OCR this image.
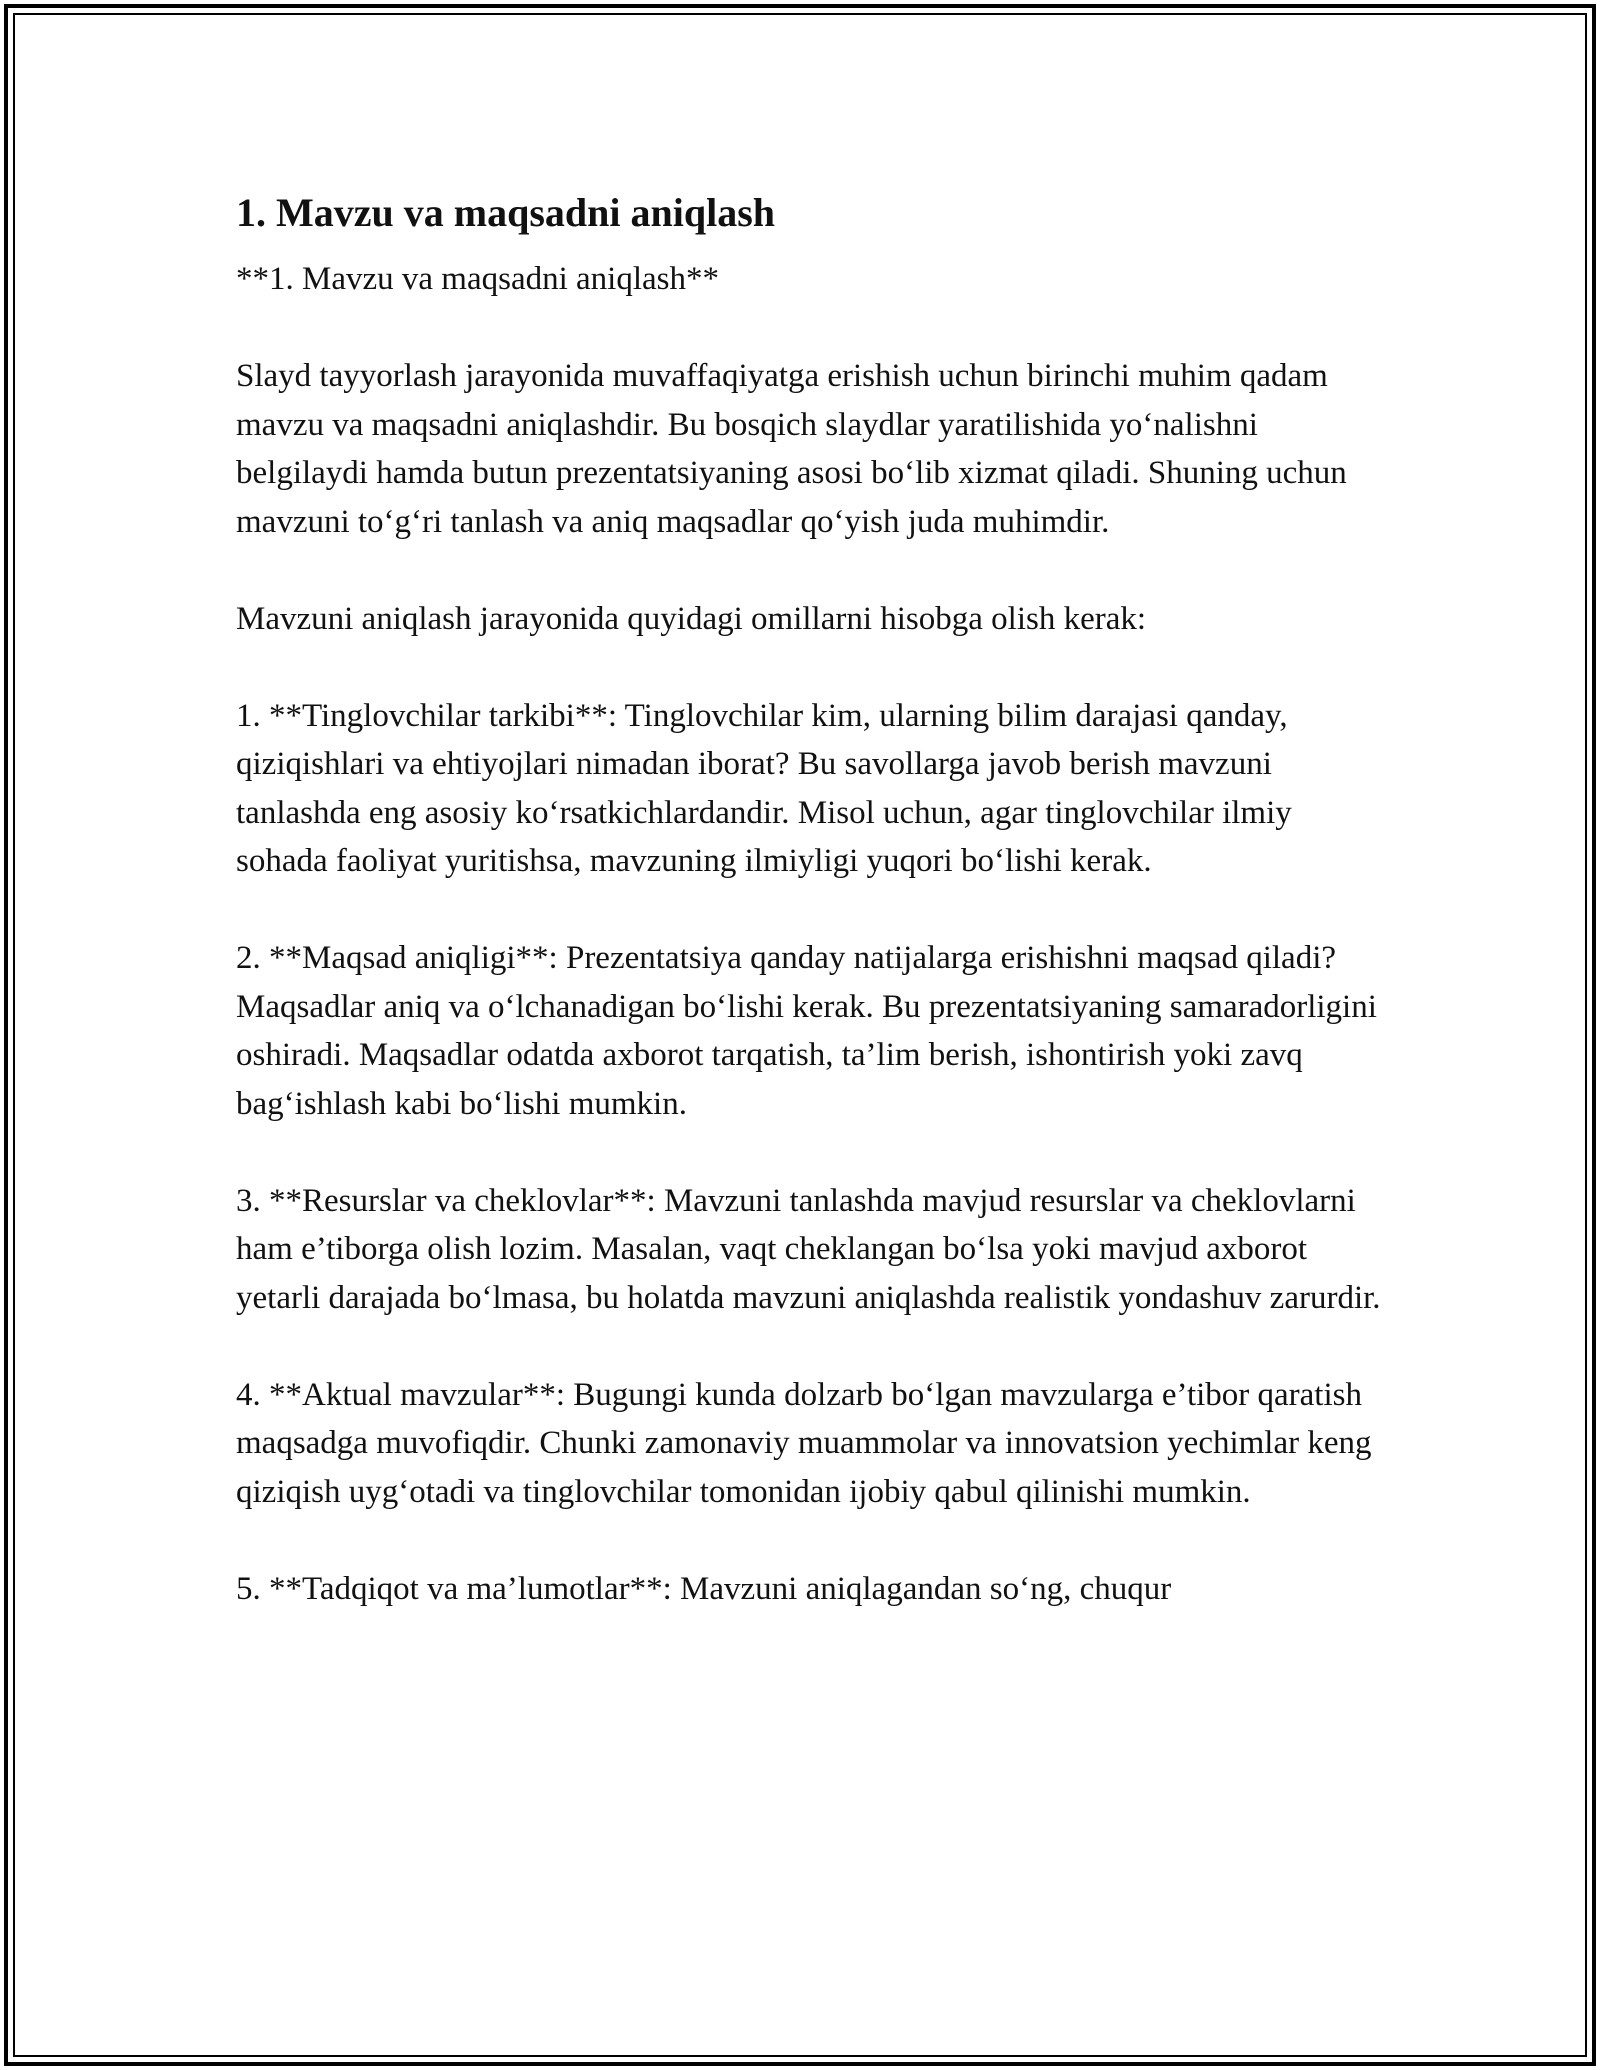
1. Mavzu va maqsadni aniqlash

**1. Mavzu va maqsadni aniqlash**

Slayd tayyorlash jarayonida muvaffaqiyatga erishish uchun birinchi muhim qadam mavzu va maqsadni aniqlashdir. Bu bosqich slaydlar yaratilishida yo‘nalishni belgilaydi hamda butun prezentatsiyaning asosi bo‘lib xizmat qiladi. Shuning uchun mavzuni to‘g‘ri tanlash va aniq maqsadlar qo‘yish juda muhimdir.

Mavzuni aniqlash jarayonida quyidagi omillarni hisobga olish kerak:

1. **Tinglovchilar tarkibi**: Tinglovchilar kim, ularning bilim darajasi qanday, qiziqishlari va ehtiyojlari nimadan iborat? Bu savollarga javob berish mavzuni tanlashda eng asosiy ko‘rsatkichlardandir. Misol uchun, agar tinglovchilar ilmiy sohada faoliyat yuritishsa, mavzuning ilmiyligi yuqori bo‘lishi kerak.

2. **Maqsad aniqligi**: Prezentatsiya qanday natijalarga erishishni maqsad qiladi? Maqsadlar aniq va o‘lchanadigan bo‘lishi kerak. Bu prezentatsiyaning samaradorligini oshiradi. Maqsadlar odatda axborot tarqatish, ta’lim berish, ishontirish yoki zavq bag‘ishlash kabi bo‘lishi mumkin.

3. **Resurslar va cheklovlar**: Mavzuni tanlashda mavjud resurslar va cheklovlarni ham e’tiborga olish lozim. Masalan, vaqt cheklangan bo‘lsa yoki mavjud axborot yetarli darajada bo‘lmasa, bu holatda mavzuni aniqlashda realistik yondashuv zarurdir.

4. **Aktual mavzular**: Bugungi kunda dolzarb bo‘lgan mavzularga e’tibor qaratish maqsadga muvofiqdir. Chunki zamonaviy muammolar va innovatsion yechimlar keng qiziqish uyg‘otadi va tinglovchilar tomonidan ijobiy qabul qilinishi mumkin.

5. **Tadqiqot va ma’lumotlar**: Mavzuni aniqlagandan so‘ng, chuqur
